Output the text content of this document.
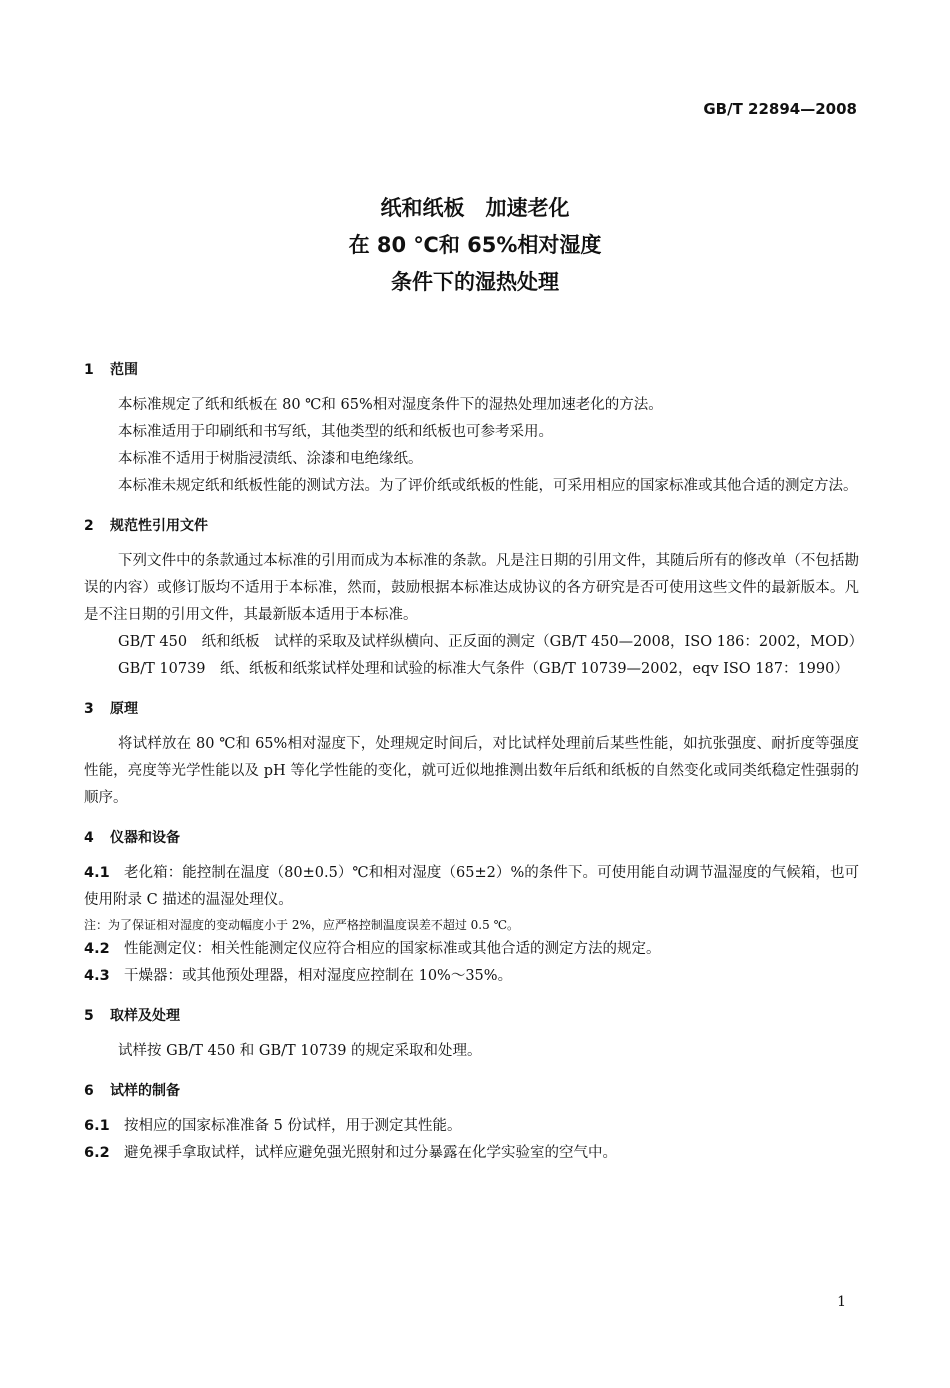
GB/T 22894—2008
纸和纸板　加速老化
在 80 ℃和 65%相对湿度
条件下的湿热处理
1 范围

本标准规定了纸和纸板在 80 ℃和 65%相对湿度条件下的湿热处理加速老化的方法。

本标准适用于印刷纸和书写纸，其他类型的纸和纸板也可参考采用。

本标准不适用于树脂浸渍纸、涂漆和电绝缘纸。

本标准未规定纸和纸板性能的测试方法。为了评价纸或纸板的性能，可采用相应的国家标准或其他合适的测定方法。

2 规范性引用文件

下列文件中的条款通过本标准的引用而成为本标准的条款。凡是注日期的引用文件，其随后所有的修改单（不包括勘误的内容）或修订版均不适用于本标准，然而，鼓励根据本标准达成协议的各方研究是否可使用这些文件的最新版本。凡是不注日期的引用文件，其最新版本适用于本标准。

GB/T 450　纸和纸板　试样的采取及试样纵横向、正反面的测定（GB/T 450—2008，ISO 186：2002，MOD）
GB/T 10739　纸、纸板和纸浆试样处理和试验的标准大气条件（GB/T 10739—2002，eqv ISO 187：1990）
3 原理

将试样放在 80 ℃和 65%相对湿度下，处理规定时间后，对比试样处理前后某些性能，如抗张强度、耐折度等强度性能，亮度等光学性能以及 pH 等化学性能的变化，就可近似地推测出数年后纸和纸板的自然变化或同类纸稳定性强弱的顺序。

4 仪器和设备
4.1 老化箱：能控制在温度（80±0.5）℃和相对湿度（65±2）%的条件下。可使用能自动调节温湿度的气候箱，也可使用附录 C 描述的温湿处理仪。
注：为了保证相对湿度的变动幅度小于 2%，应严格控制温度误差不超过 0.5 ℃。
4.2 性能测定仪：相关性能测定仪应符合相应的国家标准或其他合适的测定方法的规定。
4.3 干燥器：或其他预处理器，相对湿度应控制在 10%～35%。
5 取样及处理

试样按 GB/T 450 和 GB/T 10739 的规定采取和处理。

6 试样的制备
6.1 按相应的国家标准准备 5 份试样，用于测定其性能。
6.2 避免裸手拿取试样，试样应避免强光照射和过分暴露在化学实验室的空气中。
1
